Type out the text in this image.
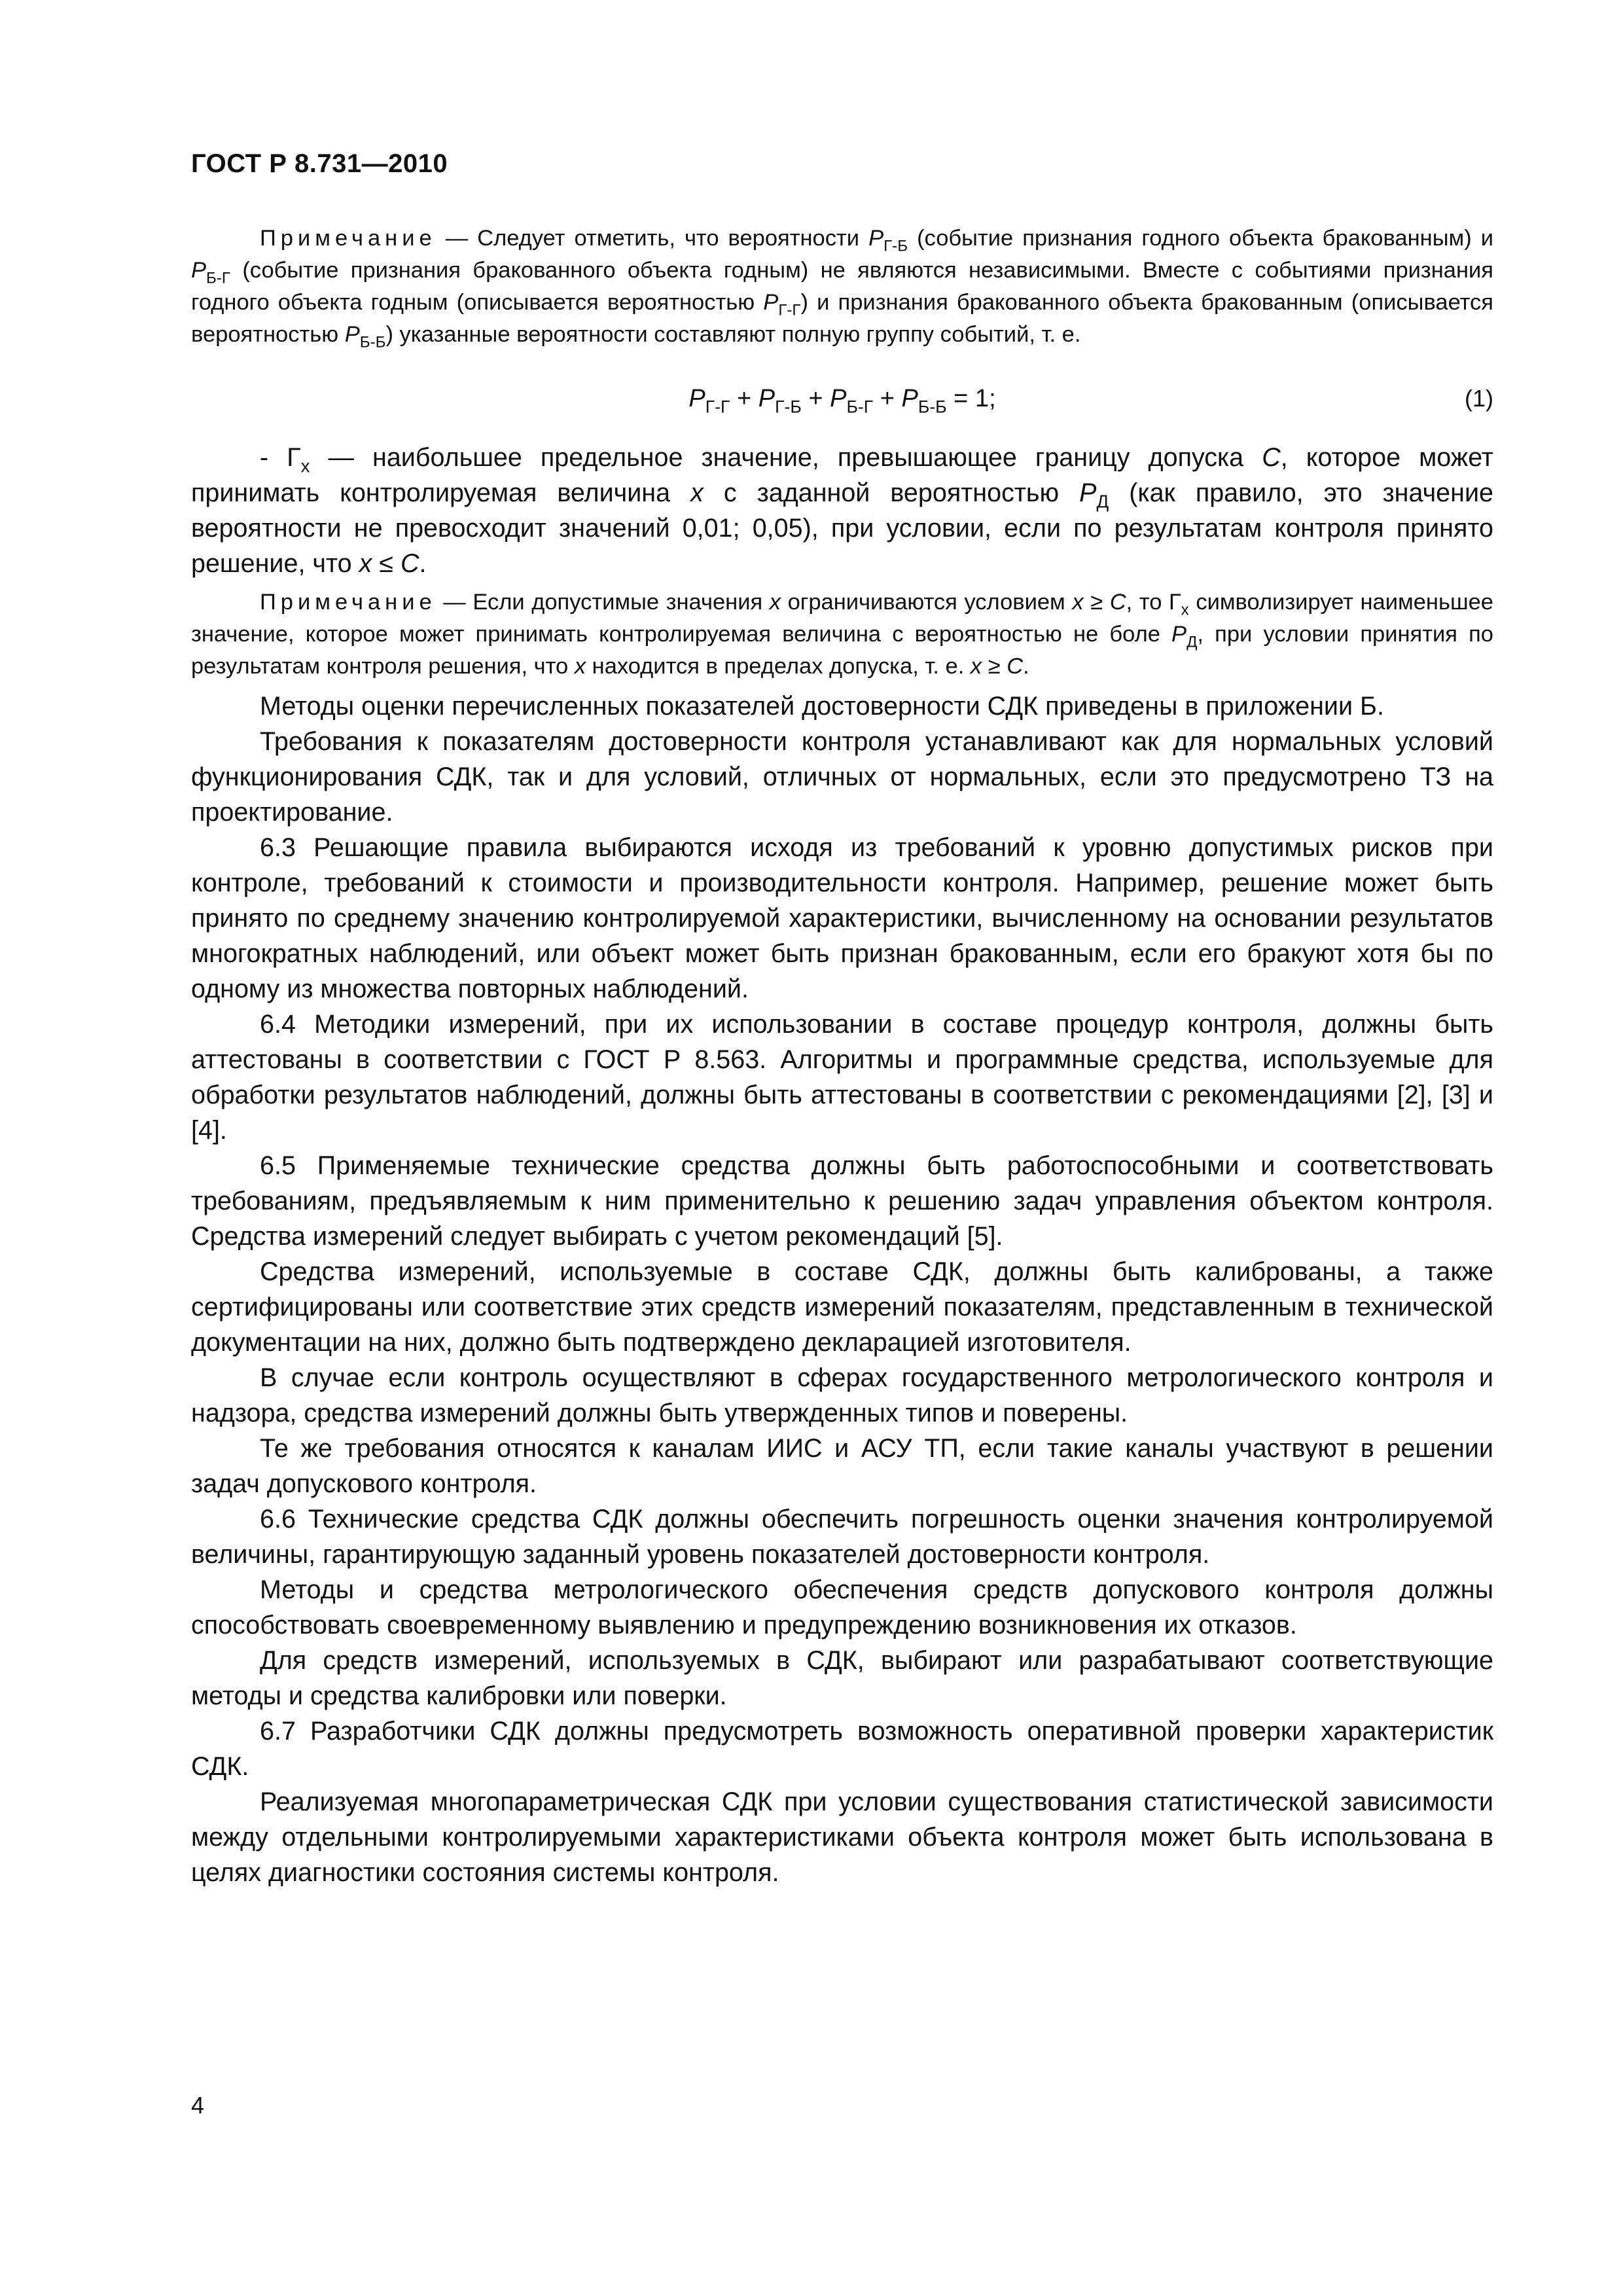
ГОСТ Р 8.731—2010

Примечание — Следует отметить, что вероятности $P_{Г-Б}$ (событие признания годного объекта бракованным) и $P_{Б-Г}$ (событие признания бракованного объекта годным) не являются независимыми. Вместе с событиями признания годного объекта годным (описывается вероятностью $P_{Г-Г}$) и признания бракованного объекта бракованным (описывается вероятностью $P_{Б-Б}$) указанные вероятности составляют полную группу событий, т. е.

$P_{Г-Г} + P_{Г-Б} + P_{Б-Г} + P_{Б-Б} = 1$;	(1)

- $Г_x$ — наибольшее предельное значение, превышающее границу допуска C, которое может принимать контролируемая величина x с заданной вероятностью $P_Д$ (как правило, это значение вероятности не превосходит значений 0,01; 0,05), при условии, если по результатам контроля принято решение, что x ≤ C.

Примечание — Если допустимые значения x ограничиваются условием x ≥ C, то $Г_x$ символизирует наименьшее значение, которое может принимать контролируемая величина с вероятностью не боле $P_Д$, при условии принятия по результатам контроля решения, что x находится в пределах допуска, т. е. x ≥ C.

Методы оценки перечисленных показателей достоверности СДК приведены в приложении Б.

Требования к показателям достоверности контроля устанавливают как для нормальных условий функционирования СДК, так и для условий, отличных от нормальных, если это предусмотрено ТЗ на проектирование.

6.3 Решающие правила выбираются исходя из требований к уровню допустимых рисков при контроле, требований к стоимости и производительности контроля. Например, решение может быть принято по среднему значению контролируемой характеристики, вычисленному на основании результатов многократных наблюдений, или объект может быть признан бракованным, если его бракуют хотя бы по одному из множества повторных наблюдений.

6.4 Методики измерений, при их использовании в составе процедур контроля, должны быть аттестованы в соответствии с ГОСТ Р 8.563. Алгоритмы и программные средства, используемые для обработки результатов наблюдений, должны быть аттестованы в соответствии с рекомендациями [2], [3] и [4].

6.5 Применяемые технические средства должны быть работоспособными и соответствовать требованиям, предъявляемым к ним применительно к решению задач управления объектом контроля. Средства измерений следует выбирать с учетом рекомендаций [5].

Средства измерений, используемые в составе СДК, должны быть калиброваны, а также сертифицированы или соответствие этих средств измерений показателям, представленным в технической документации на них, должно быть подтверждено декларацией изготовителя.

В случае если контроль осуществляют в сферах государственного метрологического контроля и надзора, средства измерений должны быть утвержденных типов и поверены.

Те же требования относятся к каналам ИИС и АСУ ТП, если такие каналы участвуют в решении задач допускового контроля.

6.6 Технические средства СДК должны обеспечить погрешность оценки значения контролируемой величины, гарантирующую заданный уровень показателей достоверности контроля.

Методы и средства метрологического обеспечения средств допускового контроля должны способствовать своевременному выявлению и предупреждению возникновения их отказов.

Для средств измерений, используемых в СДК, выбирают или разрабатывают соответствующие методы и средства калибровки или поверки.

6.7 Разработчики СДК должны предусмотреть возможность оперативной проверки характеристик СДК.

Реализуемая многопараметрическая СДК при условии существования статистической зависимости между отдельными контролируемыми характеристиками объекта контроля может быть использована в целях диагностики состояния системы контроля.

4
